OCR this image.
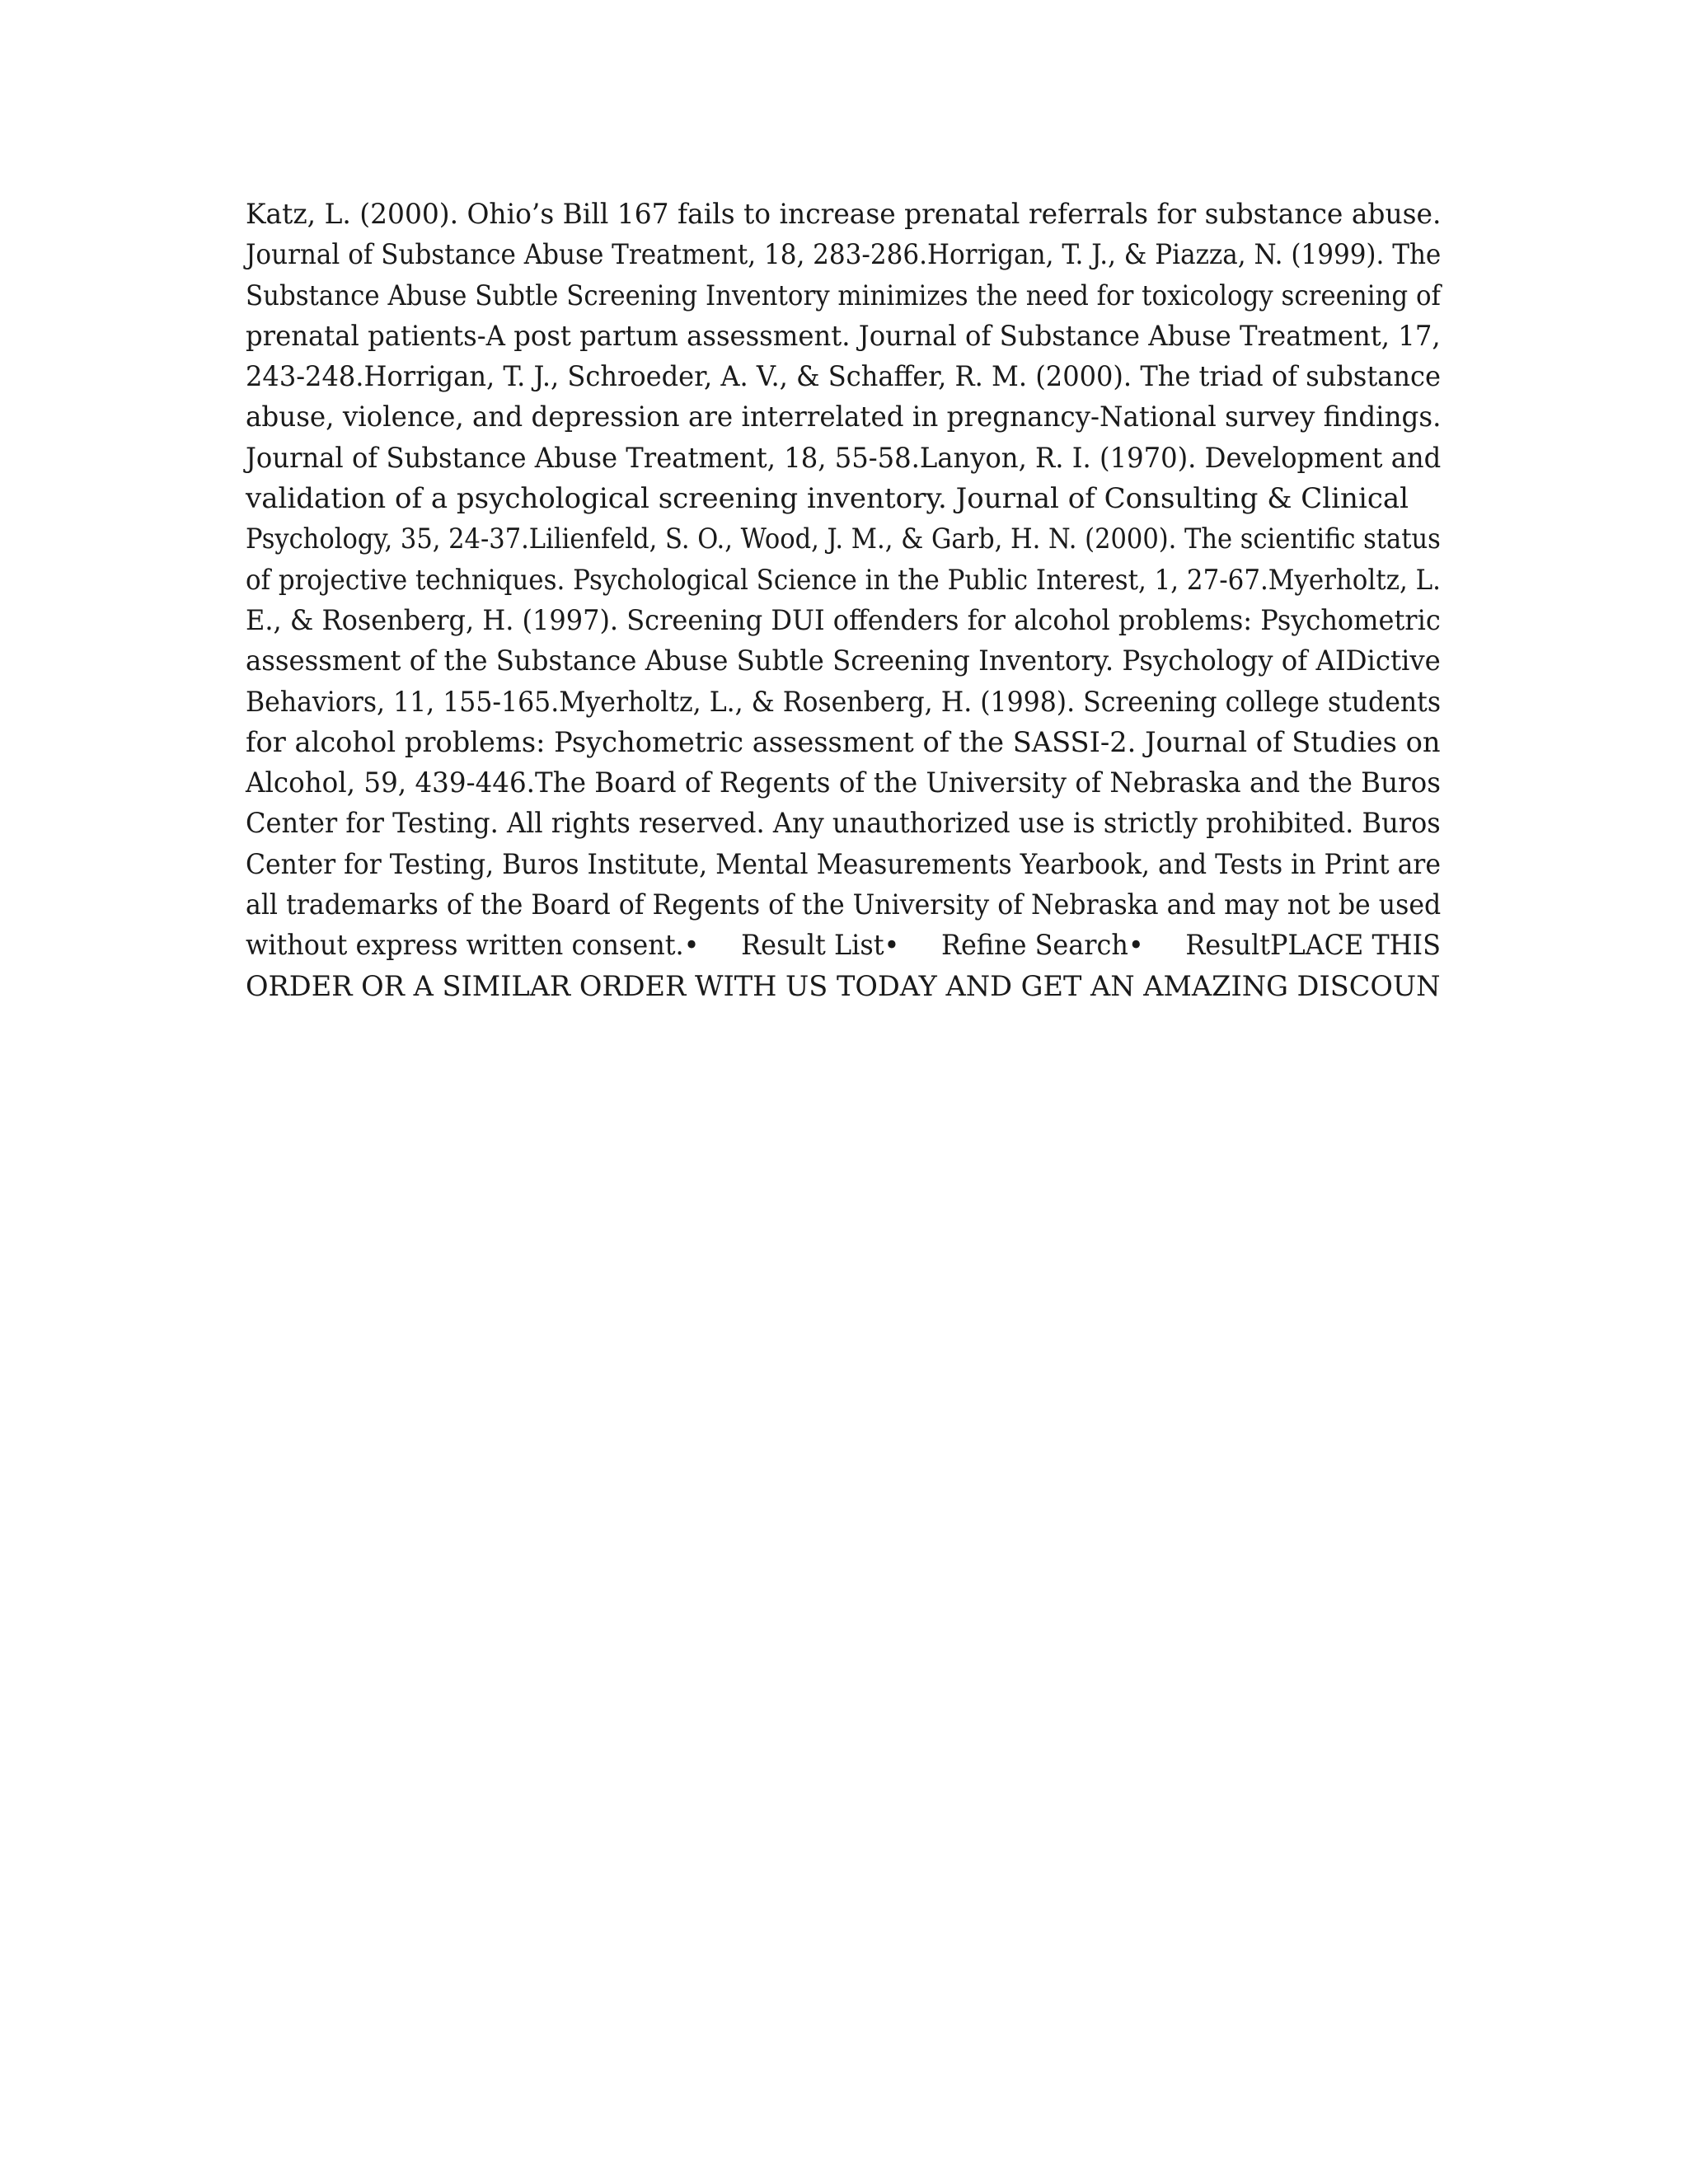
Katz, L. (2000). Ohio’s Bill 167 fails to increase prenatal referrals for substance abuse.
Journal of Substance Abuse Treatment, 18, 283-286.Horrigan, T. J., & Piazza, N. (1999). The
Substance Abuse Subtle Screening Inventory minimizes the need for toxicology screening of
prenatal patients-A post partum assessment. Journal of Substance Abuse Treatment, 17,
243-248.Horrigan, T. J., Schroeder, A. V., & Schaffer, R. M. (2000). The triad of substance
abuse, violence, and depression are interrelated in pregnancy-National survey findings.
Journal of Substance Abuse Treatment, 18, 55-58.Lanyon, R. I. (1970). Development and
validation of a psychological screening inventory. Journal of Consulting & Clinical
Psychology, 35, 24-37.Lilienfeld, S. O., Wood, J. M., & Garb, H. N. (2000). The scientific status
of projective techniques. Psychological Science in the Public Interest, 1, 27-67.Myerholtz, L.
E., & Rosenberg, H. (1997). Screening DUI offenders for alcohol problems: Psychometric
assessment of the Substance Abuse Subtle Screening Inventory. Psychology of AIDictive
Behaviors, 11, 155-165.Myerholtz, L., & Rosenberg, H. (1998). Screening college students
for alcohol problems: Psychometric assessment of the SASSI-2. Journal of Studies on
Alcohol, 59, 439-446.The Board of Regents of the University of Nebraska and the Buros
Center for Testing. All rights reserved. Any unauthorized use is strictly prohibited. Buros
Center for Testing, Buros Institute, Mental Measurements Yearbook, and Tests in Print are
all trademarks of the Board of Regents of the University of Nebraska and may not be used
without express written consent.•     Result List•     Refine Search•     ResultPLACE THIS
ORDER OR A SIMILAR ORDER WITH US TODAY AND GET AN AMAZING DISCOUN
